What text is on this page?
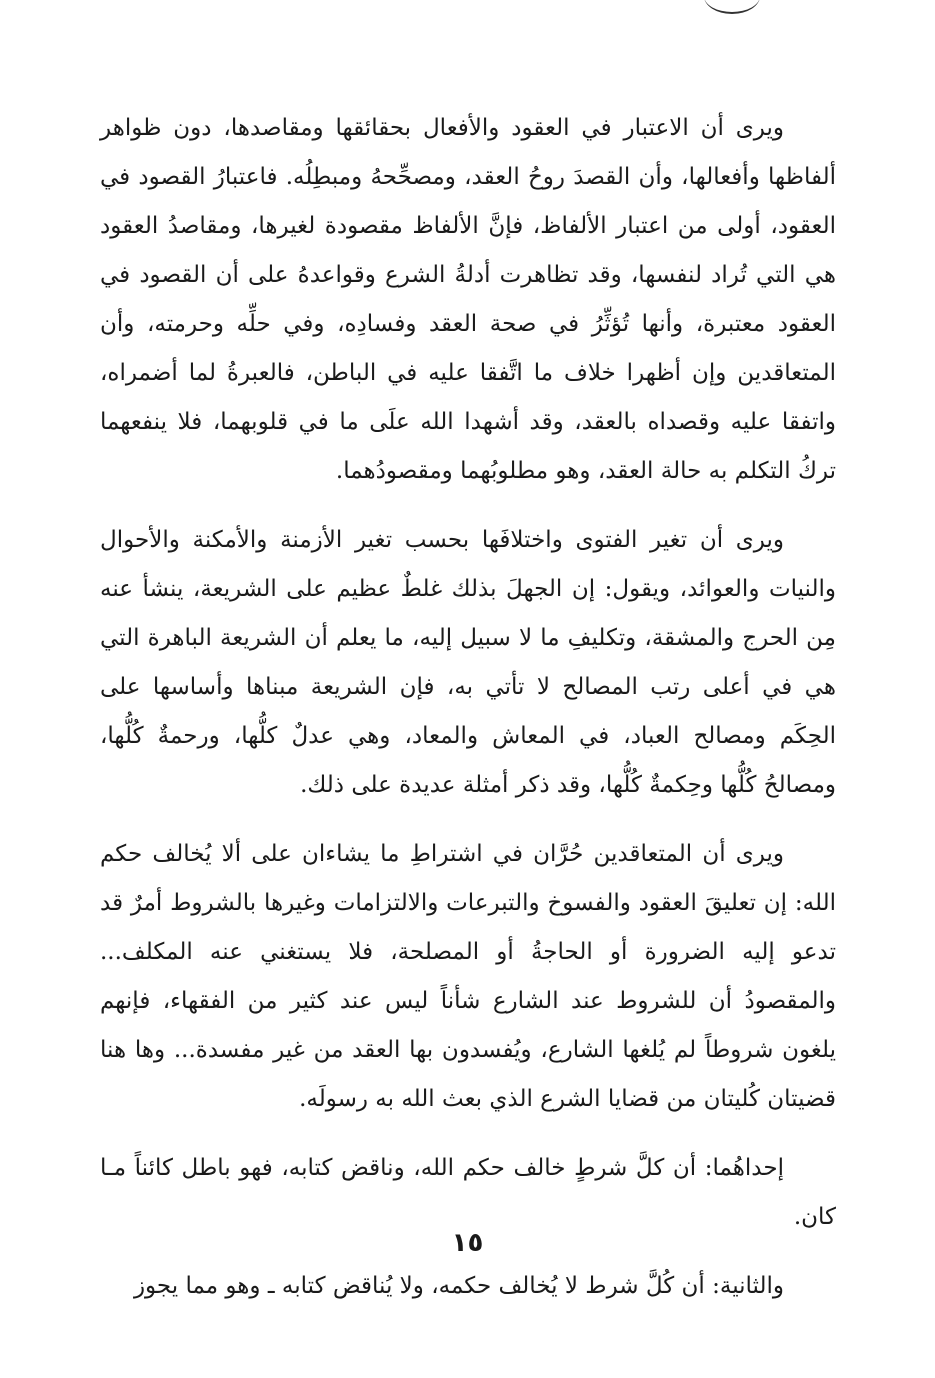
ويرى أن الاعتبار في العقود والأفعال بحقائقها ومقاصدها، دون ظواهر ألفاظها وأفعالها، وأن القصدَ روحُ العقد، ومصحِّحهُ ومبطِلُه. فاعتبارُ القصود في العقود، أولى من اعتبار الألفاظ، فإنَّ الألفاظ مقصودة لغيرها، ومقاصدُ العقود هي التي تُراد لنفسها، وقد تظاهرت أدلةُ الشرع وقواعدهُ على أن القصود في العقود معتبرة، وأنها تُؤثِّرُ في صحة العقد وفسادِه، وفي حلِّه وحرمته، وأن المتعاقدين وإن أظهرا خلاف ما اتَّفقا عليه في الباطن، فالعبرةُ لما أضمراه، واتفقا عليه وقصداه بالعقد، وقد أشهدا الله علَى ما في قلوبهما، فلا ينفعهما تركُ التكلم به حالة العقد، وهو مطلوبُهما ومقصودُهما.

ويرى أن تغير الفتوى واختلافَها بحسب تغير الأزمنة والأمكنة والأحوال والنيات والعوائد، ويقول: إن الجهلَ بذلك غلطٌ عظيم على الشريعة، ينشأ عنه مِن الحرج والمشقة، وتكليفِ ما لا سبيل إليه، ما يعلم أن الشريعة الباهرة التي هي في أعلى رتب المصالح لا تأتي به، فإن الشريعة مبناها وأساسها على الحِكَم ومصالح العباد، في المعاش والمعاد، وهي عدلٌ كلُّها، ورحمةٌ كُلُّها، ومصالحُ كُلُّها وحِكمةٌ كُلُّها، وقد ذكر أمثلة عديدة على ذلك.

ويرى أن المتعاقدين حُرَّان في اشتراطِ ما يشاءان على ألا يُخالف حكم الله: إن تعليقَ العقود والفسوخ والتبرعات والالتزامات وغيرها بالشروط أمرٌ قد تدعو إليه الضرورة أو الحاجةُ أو المصلحة، فلا يستغني عنه المكلف... والمقصودُ أن للشروط عند الشارع شأناً ليس عند كثير من الفقهاء، فإنهم يلغون شروطاً لم يُلغها الشارع، ويُفسدون بها العقد من غير مفسدة... وها هنا قضيتان كُليتان من قضايا الشرع الذي بعث الله به رسولَه.

إحداهُما: أن كلَّ شرطٍ خالف حكم الله، وناقض كتابه، فهو باطل كائناً مـا كان.

والثانية: أن كُلَّ شرط لا يُخالف حكمه، ولا يُناقض كتابه ـ وهو مما يجوز

١٥
